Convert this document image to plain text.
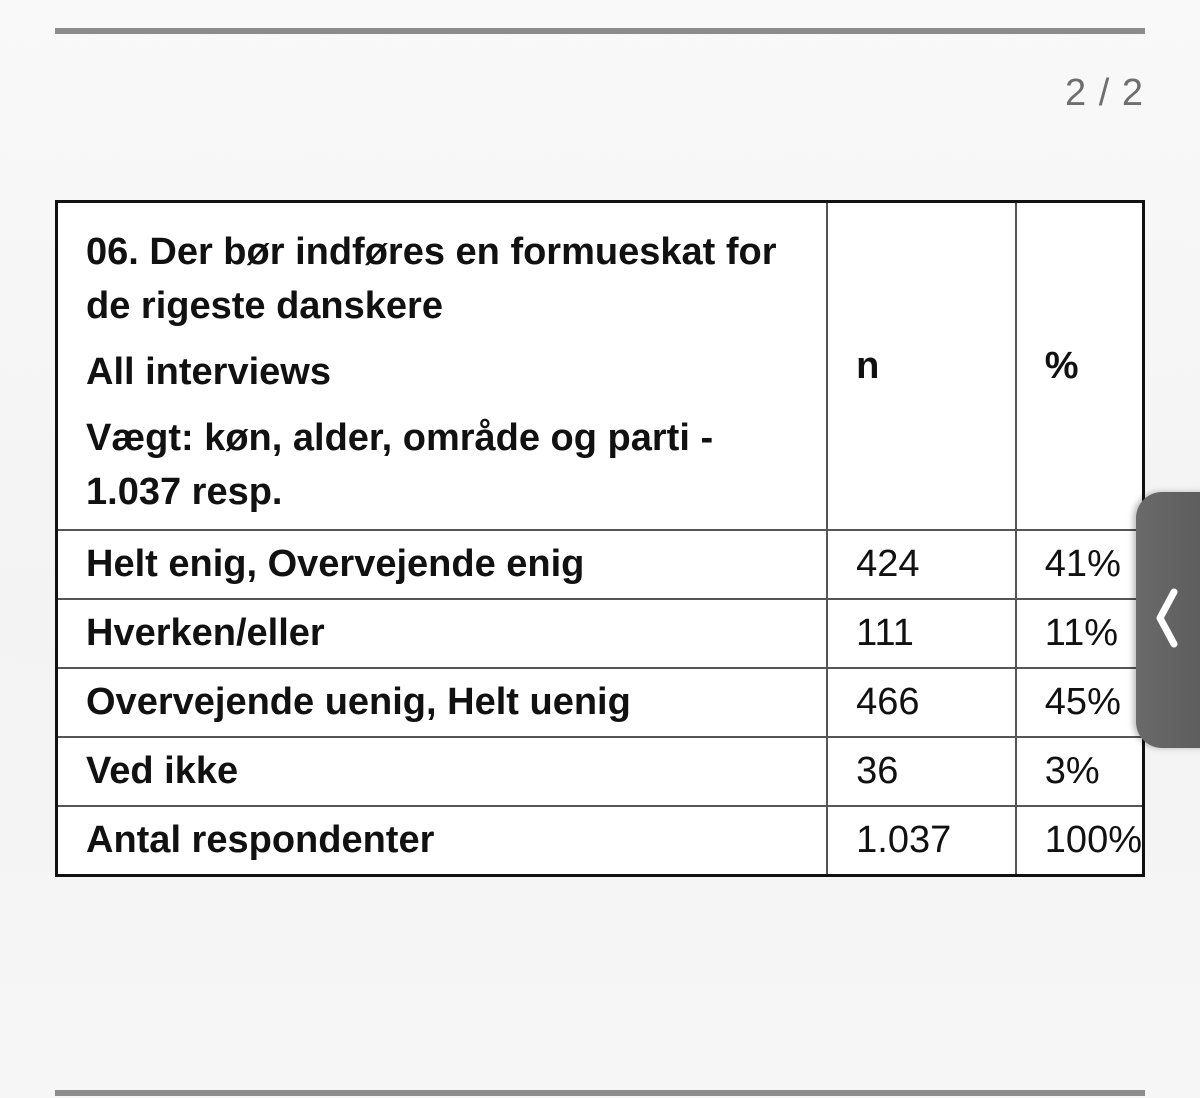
2 / 2
06. Der bør indføres en formueskat for de rigeste danskere
All interviews
Vægt: køn, alder, område og parti - 1.037 resp.	n	%
Helt enig, Overvejende enig	424	41%
Hverken/eller	111	11%
Overvejende uenig, Helt uenig	466	45%
Ved ikke	36	3%
Antal respondenter	1.037	100%
